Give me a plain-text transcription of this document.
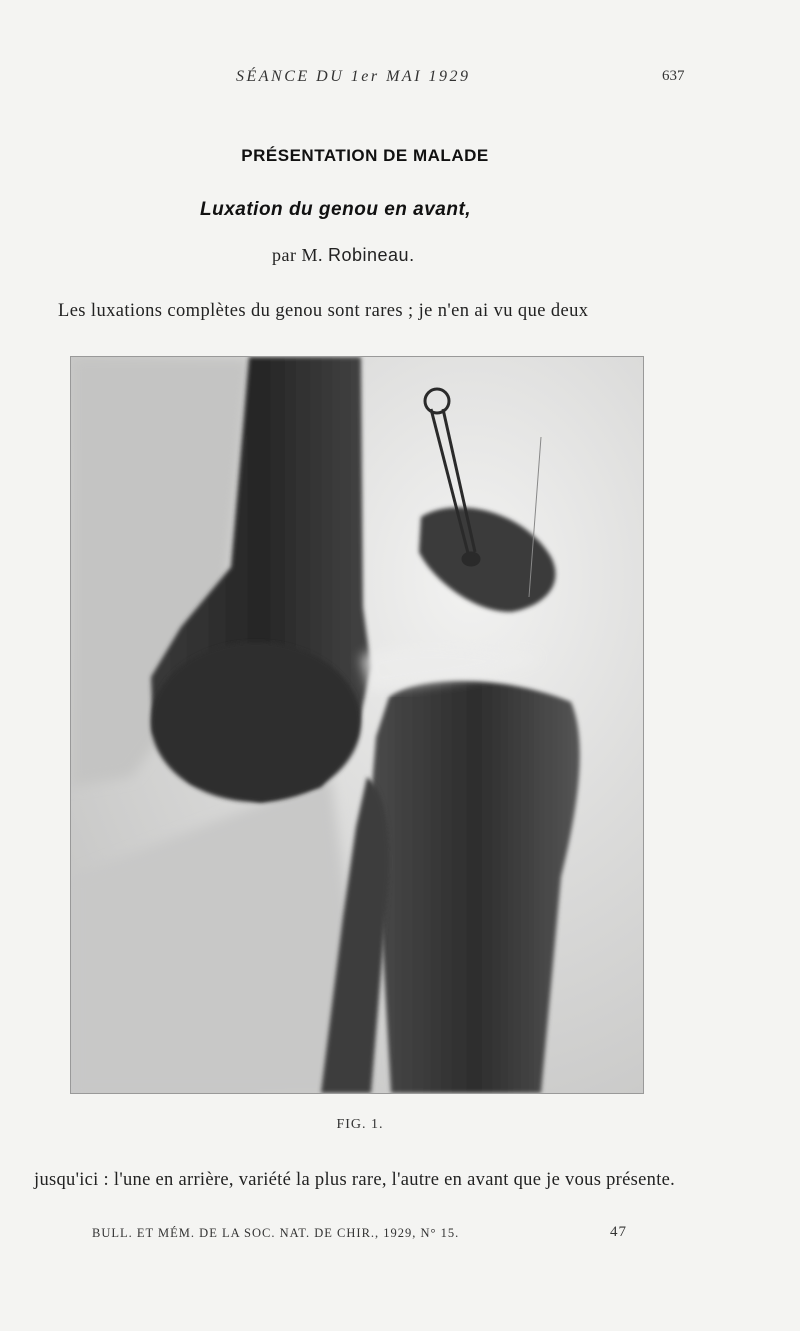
SÉANCE DU 1er MAI 1929	637
PRÉSENTATION DE MALADE
Luxation du genou en avant,
par M. Robineau.
Les luxations complètes du genou sont rares ; je n'en ai vu que deux
FIG. 1.
jusqu'ici : l'une en arrière, variété la plus rare, l'autre en avant que je vous présente.
BULL. ET MÉM. DE LA SOC. NAT. DE CHIR., 1929, N° 15.	47
